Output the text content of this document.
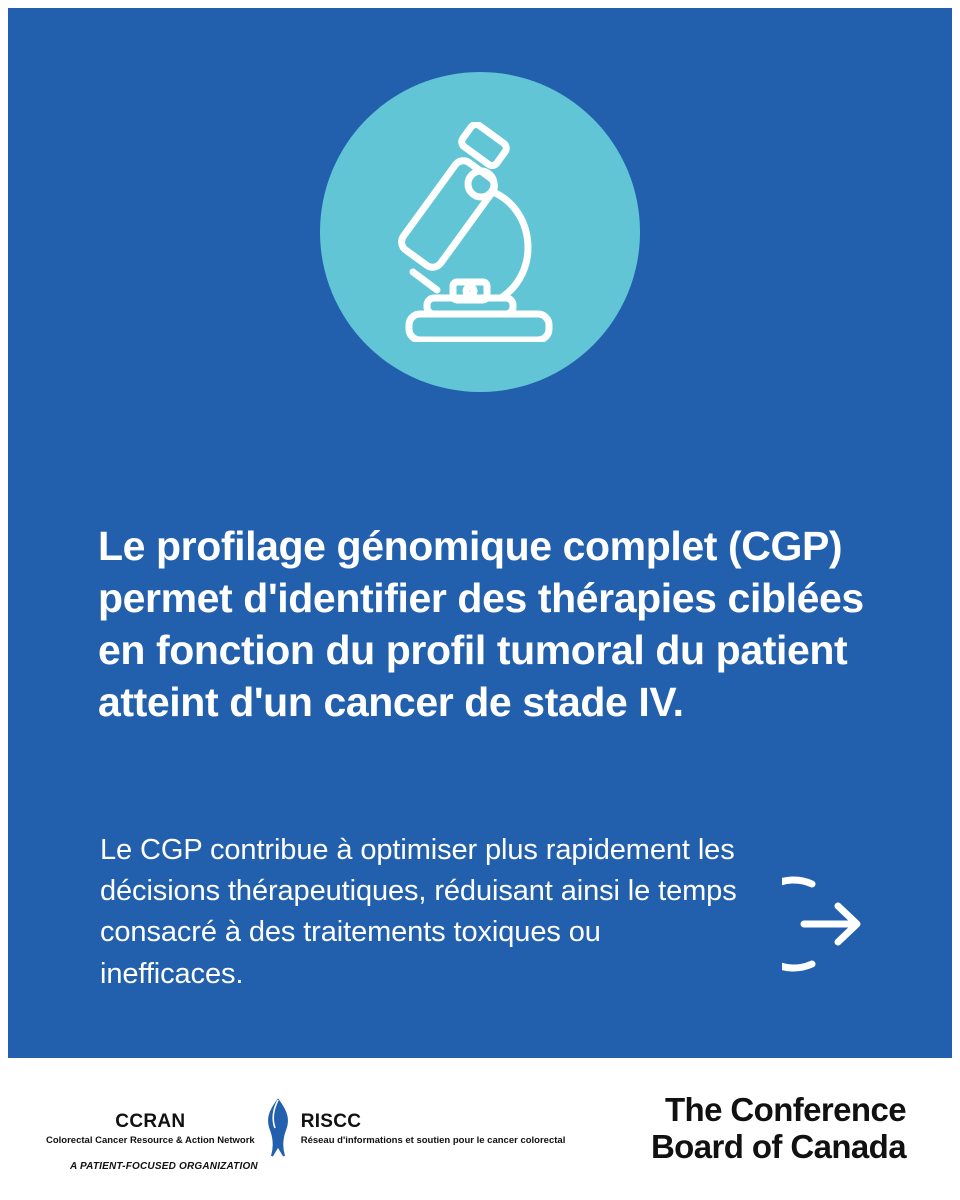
Le profilage génomique complet (CGP) permet d'identifier des thérapies ciblées en fonction du profil tumoral du patient atteint d'un cancer de stade IV.

Le CGP contribue à optimiser plus rapidement les décisions thérapeutiques, réduisant ainsi le temps consacré à des traitements toxiques ou inefficaces.

CCRAN
Colorectal Cancer Resource & Action Network
RISCC
Réseau d'informations et soutien pour le cancer colorectal
A PATIENT-FOCUSED ORGANIZATION
The Conference
Board of Canada
